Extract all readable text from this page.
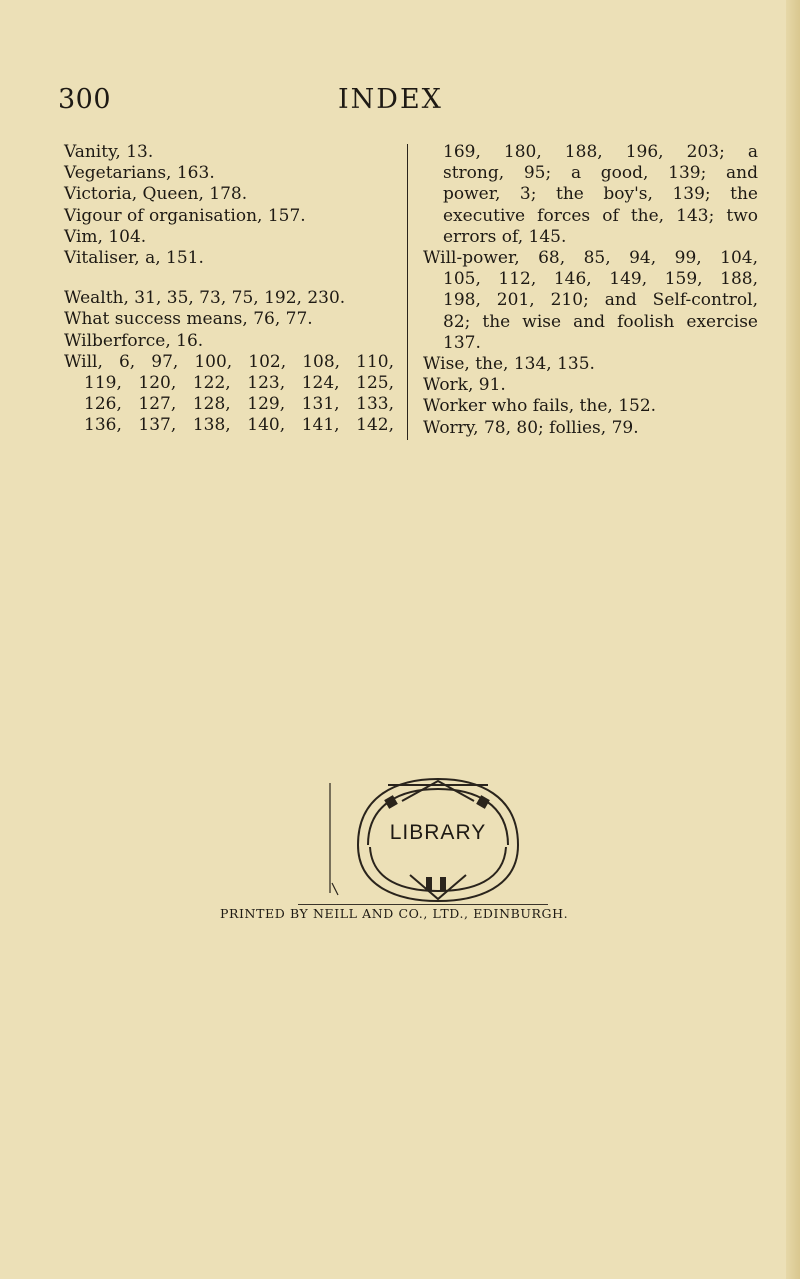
300	INDEX
Vanity, 13.
Vegetarians, 163.
Victoria, Queen, 178.
Vigour of organisation, 157.
Vim, 104.
Vitaliser, a, 151.
Wealth, 31, 35, 73, 75, 192, 230.
What success means, 76, 77.
Wilberforce, 16.
Will, 6, 97, 100, 102, 108, 110,
119, 120, 122, 123, 124, 125,
126, 127, 128, 129, 131, 133,
136, 137, 138, 140, 141, 142,
169, 180, 188, 196, 203; a
strong, 95; a good, 139; and
power, 3; the boy's, 139; the
executive forces of the, 143; two
errors of, 145.
Will-power, 68, 85, 94, 99, 104,
105, 112, 146, 149, 159, 188,
198, 201, 210; and Self-control,
82; the wise and foolish exercise
137.
Wise, the, 134, 135.
Work, 91.
Worker who fails, the, 152.
Worry, 78, 80; follies, 79.
LIBRARY
PRINTED BY NEILL AND CO., LTD., EDINBURGH.
